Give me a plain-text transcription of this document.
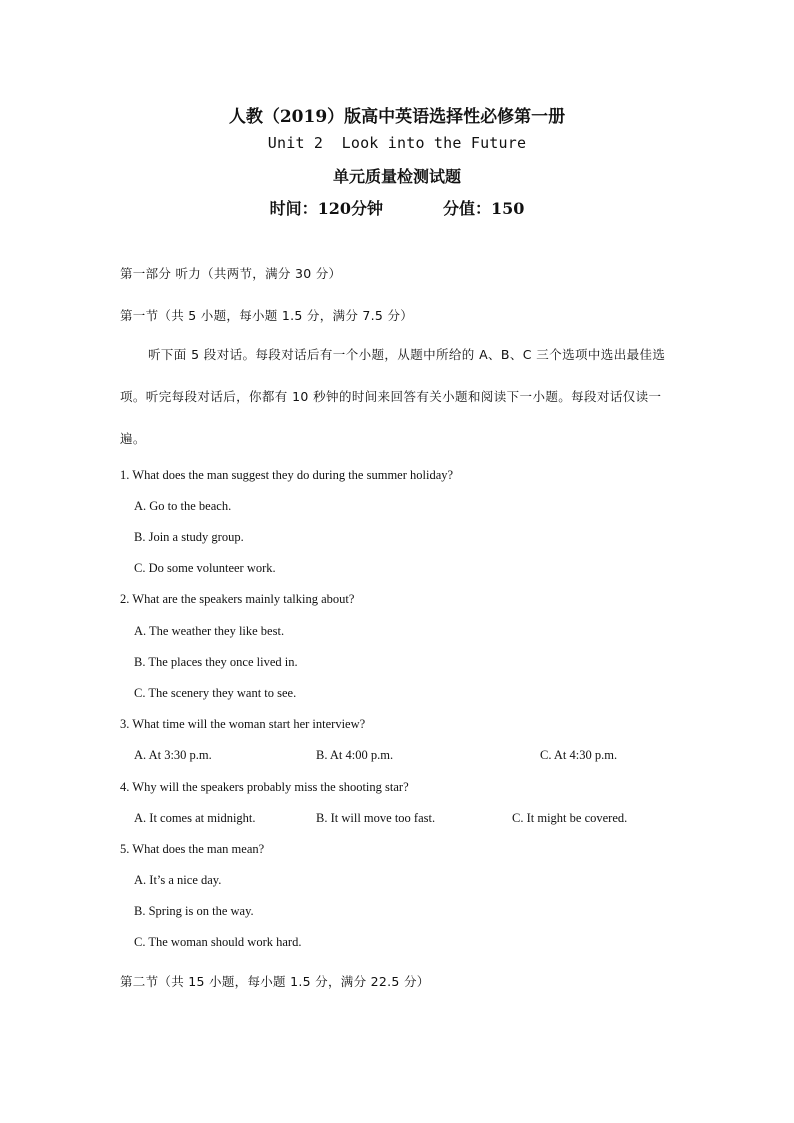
人教（2019）版高中英语选择性必修第一册
Unit 2  Look into the Future
单元质量检测试题
时间：120分钟	分值：150
第一部分 听力（共两节，满分 30 分）
第一节（共 5 小题，每小题 1.5 分，满分 7.5 分）
听下面 5 段对话。每段对话后有一个小题，从题中所给的 A、B、C 三个选项中选出最佳选项。听完每段对话后，你都有 10 秒钟的时间来回答有关小题和阅读下一小题。每段对话仅读一遍。
1. What does the man suggest they do during the summer holiday?
A. Go to the beach.
B. Join a study group.
C. Do some volunteer work.
2. What are the speakers mainly talking about?
A. The weather they like best.
B. The places they once lived in.
C. The scenery they want to see.
3. What time will the woman start her interview?
A. At 3:30 p.m.	B. At 4:00 p.m.	C. At 4:30 p.m.
4. Why will the speakers probably miss the shooting star?
A. It comes at midnight.	B. It will move too fast.	C. It might be covered.
5. What does the man mean?
A. It’s a nice day.
B. Spring is on the way.
C. The woman should work hard.
第二节（共 15 小题，每小题 1.5 分，满分 22.5 分）
